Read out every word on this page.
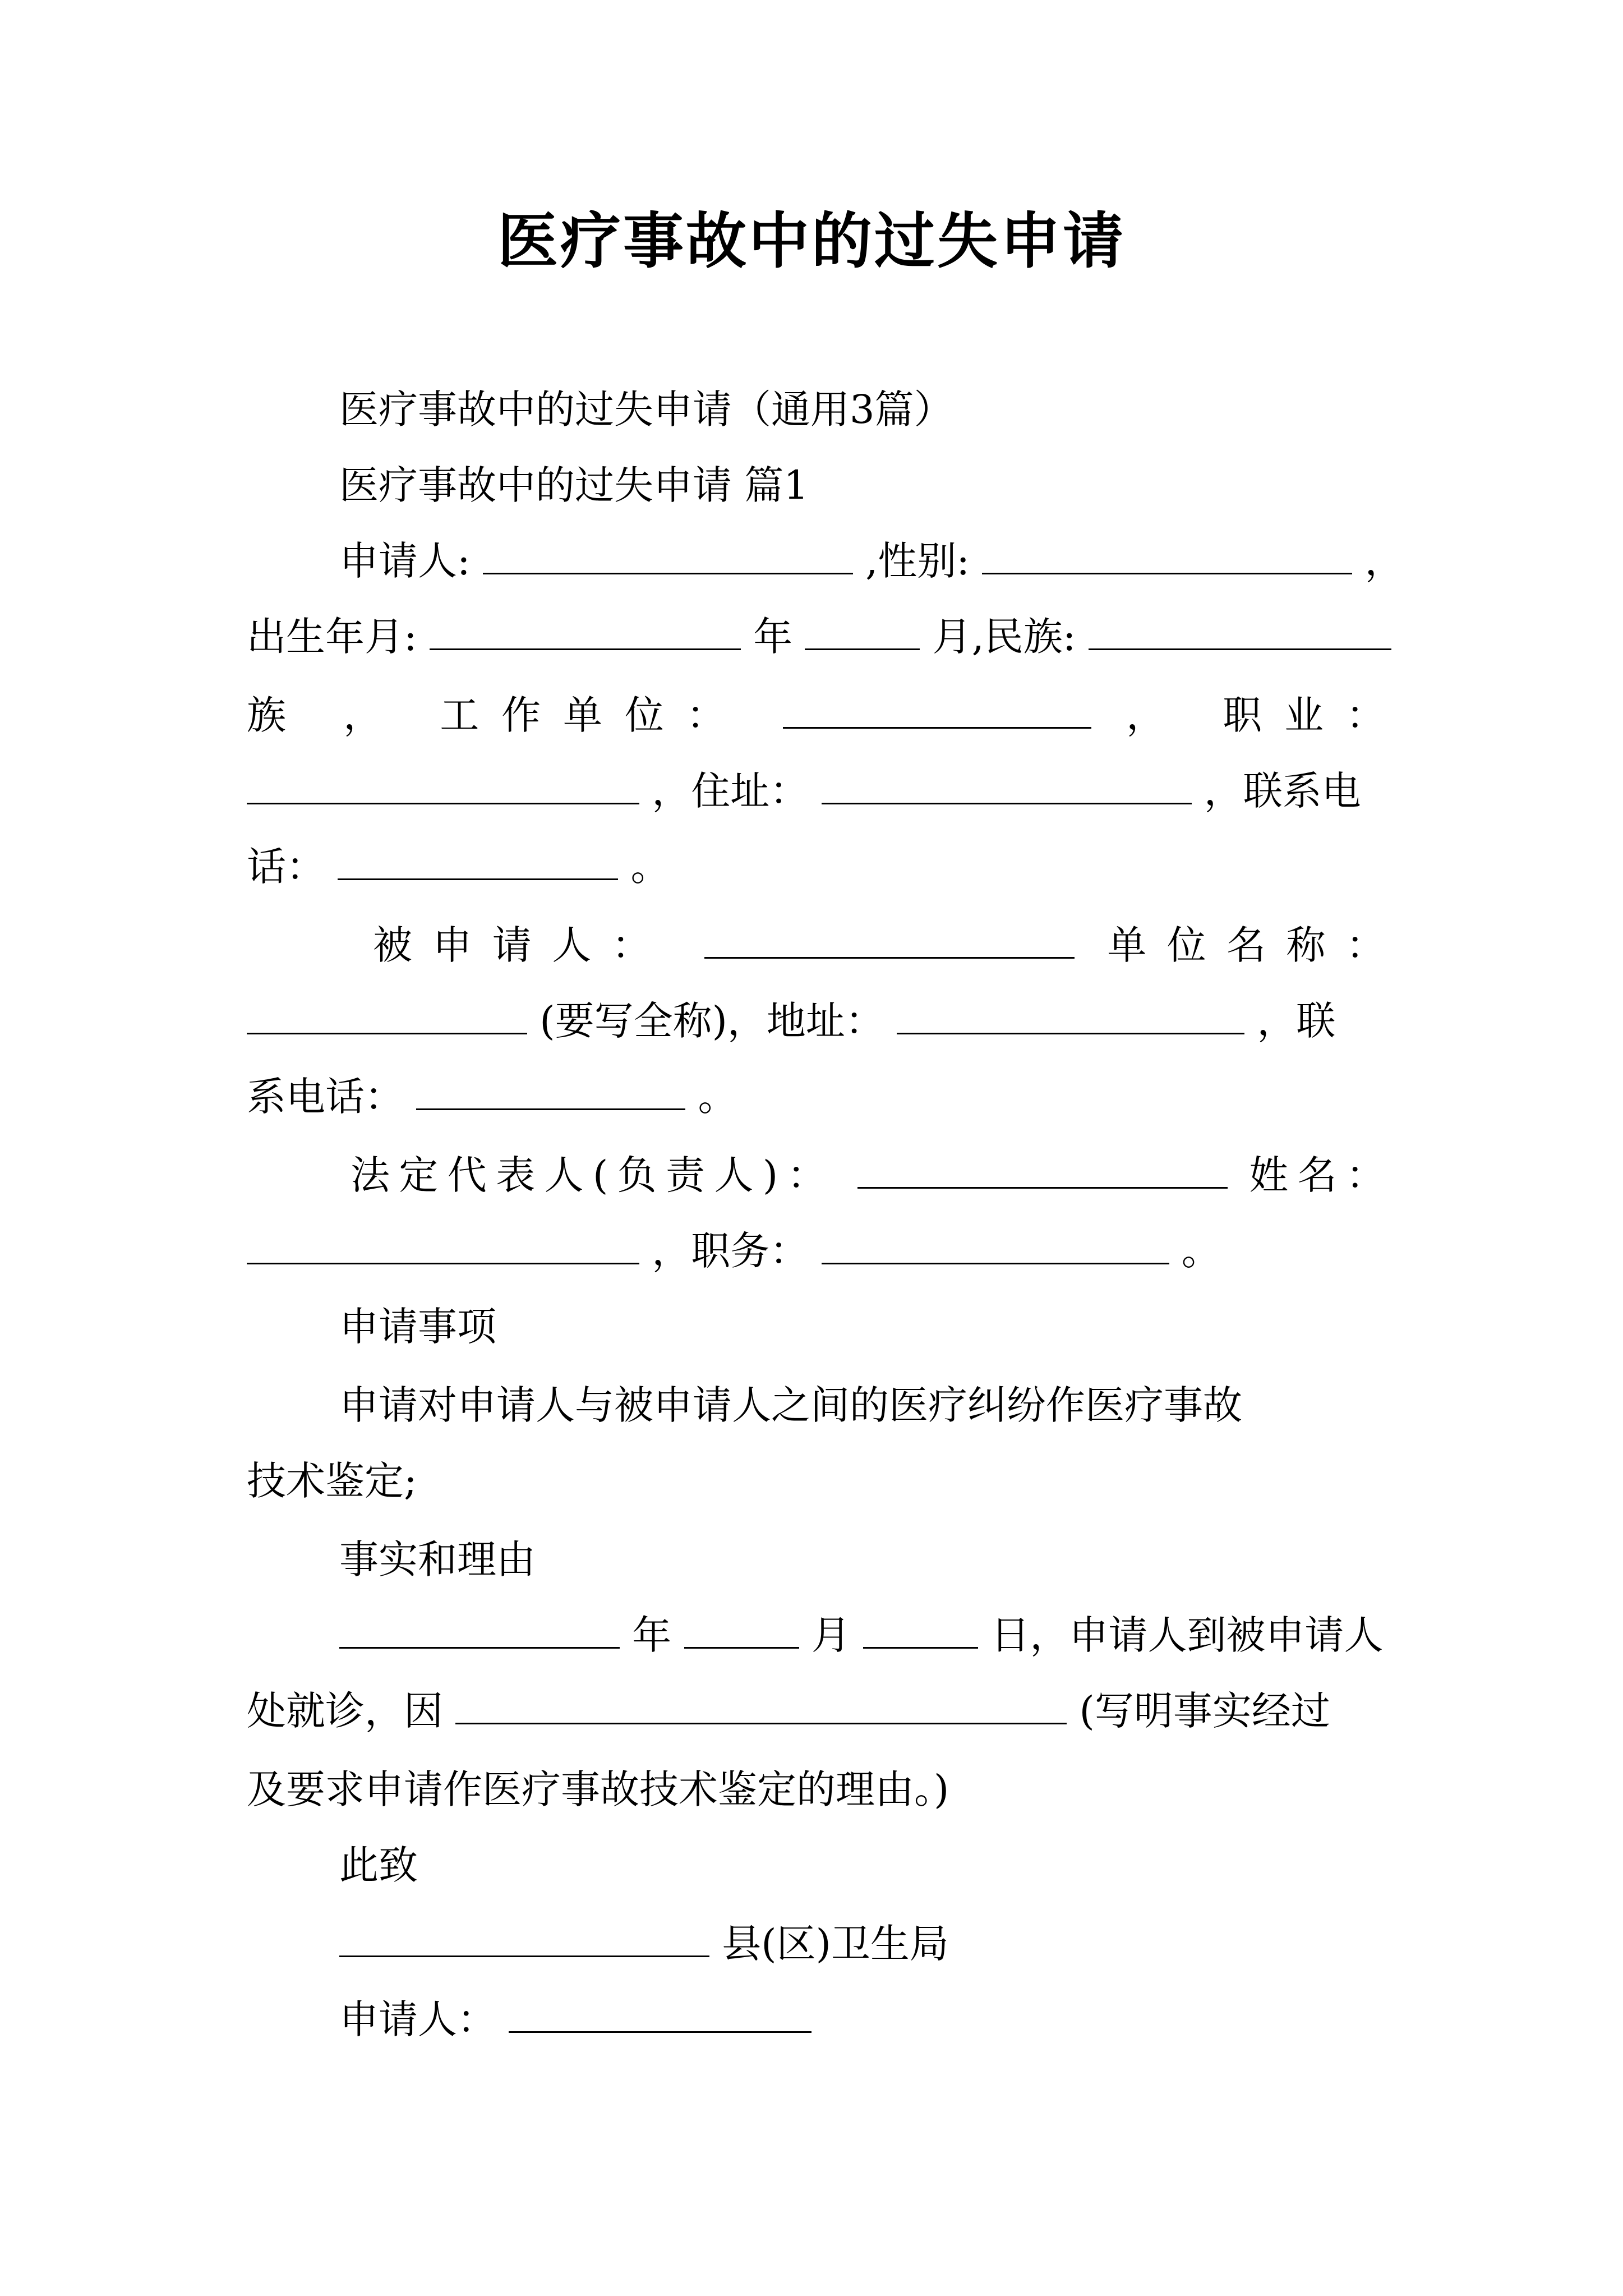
医疗事故中的过失申请
医疗事故中的过失申请（通用3篇）
医疗事故中的过失申请 篇1
申请人:	,性别:	，
出生年月:	年	月,民族:
族 ， 工作单位：	， 职业：
，住址：	，联系电
话：	。
被申请人：	单位名称：
(要写全称)，地址：	，联
系电话：	。
法定代表人(负责人)：	姓名：
，职务：	。
申请事项
申请对申请人与被申请人之间的医疗纠纷作医疗事故
技术鉴定;
事实和理由
年	月	日，申请人到被申请人
处就诊，因	(写明事实经过
及要求申请作医疗事故技术鉴定的理由。)
此致
县(区)卫生局
申请人：
